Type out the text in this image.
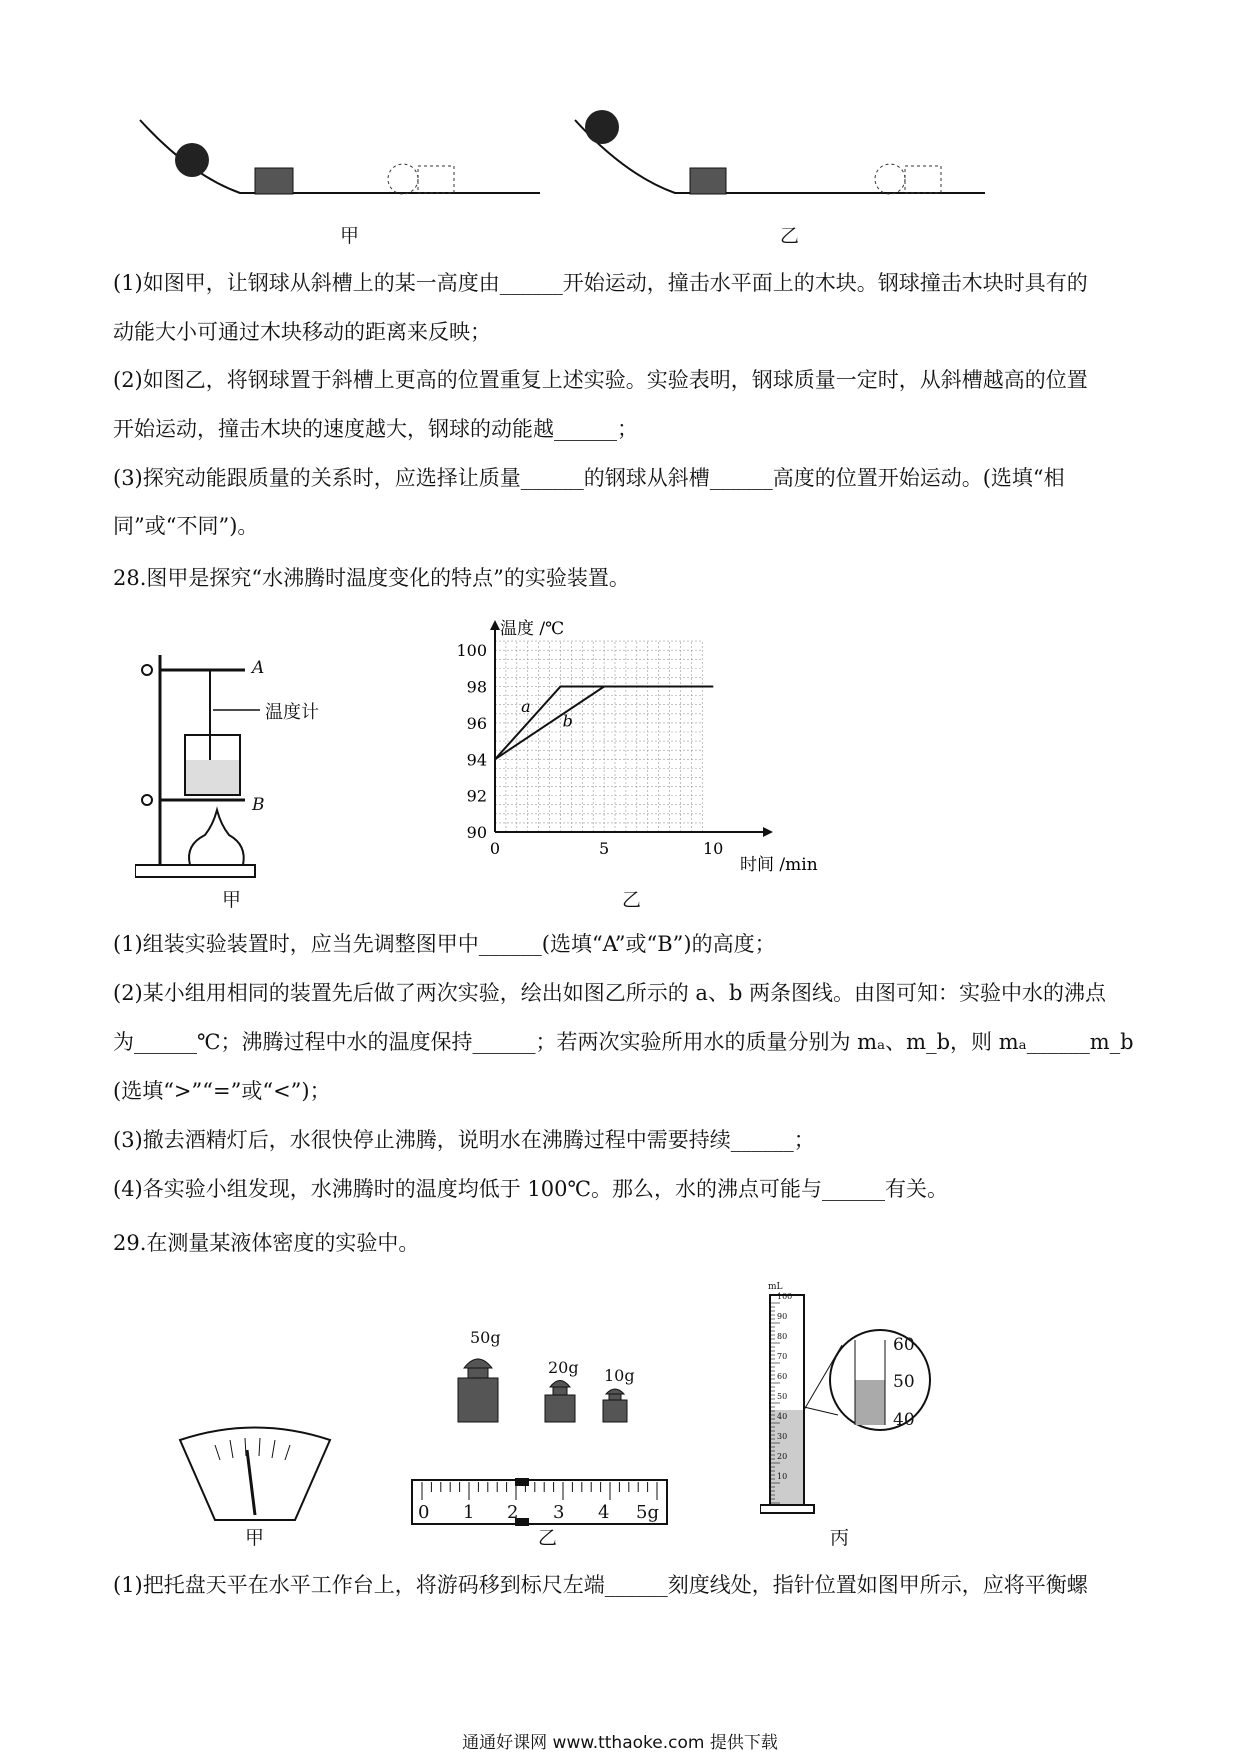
甲	乙
(1)如图甲，让钢球从斜槽上的某一高度由______开始运动，撞击水平面上的木块。钢球撞击木块时具有的
动能大小可通过木块移动的距离来反映；
(2)如图乙，将钢球置于斜槽上更高的位置重复上述实验。实验表明，钢球质量一定时，从斜槽越高的位置
开始运动，撞击木块的速度越大，钢球的动能越______；
(3)探究动能跟质量的关系时，应选择让质量______的钢球从斜槽______高度的位置开始运动。(选填“相
同”或“不同”)。
28.图甲是探究“水沸腾时温度变化的特点”的实验装置。
A
温度计
B
甲
90
92
94
96
98
100
0	5	10
a
b
温度 /℃
时间 /min
乙
(1)组装实验装置时，应当先调整图甲中______(选填“A”或“B”)的高度；
(2)某小组用相同的装置先后做了两次实验，绘出如图乙所示的 a、b 两条图线。由图可知：实验中水的沸点
为______℃；沸腾过程中水的温度保持______；若两次实验所用水的质量分别为 mₐ、m_b，则 mₐ______m_b
(选填“>”“=”或“<”)；
(3)撤去酒精灯后，水很快停止沸腾，说明水在沸腾过程中需要持续______；
(4)各实验小组发现，水沸腾时的温度均低于 100℃。那么，水的沸点可能与______有关。
29.在测量某液体密度的实验中。
甲
50g
20g 10g
0 1 2 3 4 5g
乙
mL
60
50
40
100
90
80
70
60
50
40
30
20
10
丙
(1)把托盘天平在水平工作台上，将游码移到标尺左端______刻度线处，指针位置如图甲所示，应将平衡螺
通通好课网 www.tthaoke.com 提供下载
